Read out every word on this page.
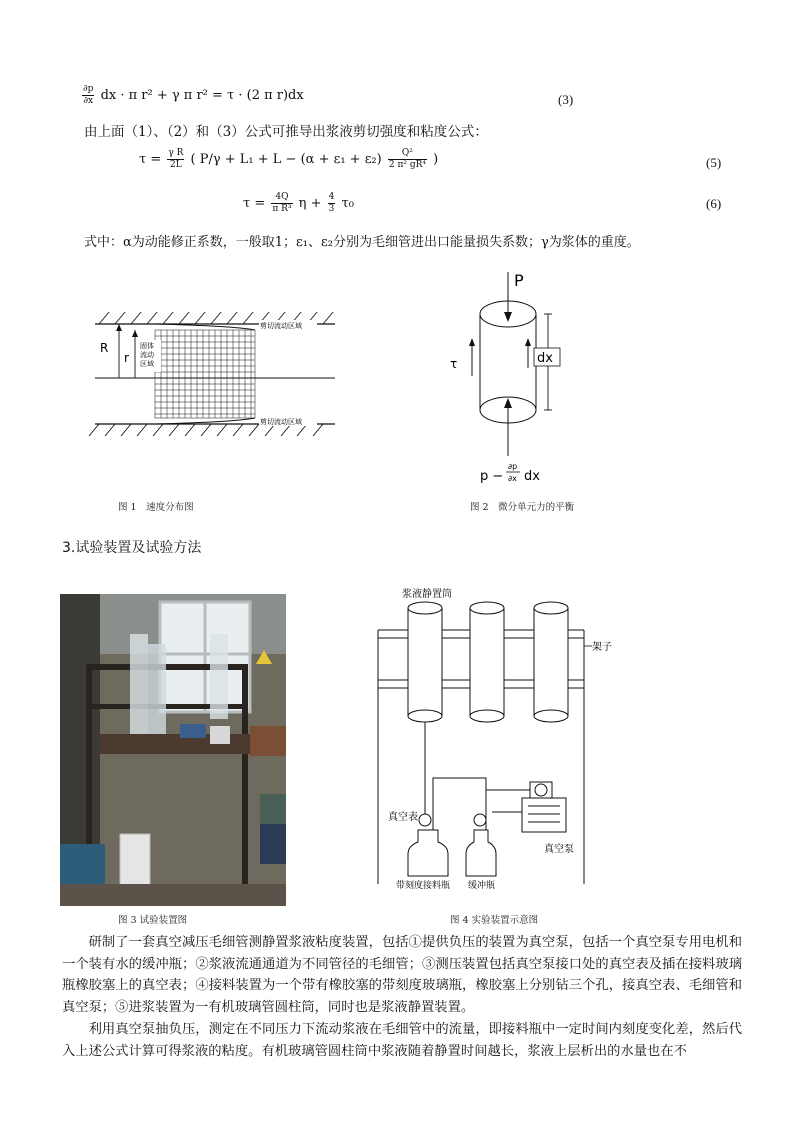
$\frac{\partial p}{\partial x}$ dx · π r² + γ π r² = τ · (2 π r)dx	(3)
由上面（1）、（2）和（3）公式可推导出浆液剪切强度和粘度公式：
$\tau = \frac{\text{γ R}}{2L}$ ( $P/\gamma + L_1 + L - (\alpha + \varepsilon_1 + \varepsilon_2) \frac{\text{Q²}}{\text{2 π² gR⁴}}$ )	(5)
$\tau = \frac{4Q}{\text{π R³}}$ $\eta + \frac{4}{3} \tau_0$	(6)
式中：α为动能修正系数，一般取1；ε₁、ε₂分别为毛细管进出口能量损失系数；γ为浆体的重度。
R
r
固体
流动
区域
剪切流动区域
剪切流动区域
图 1　速度分布图
P
τ	dx
p −
∂p
∂x dx
图 2　微分单元力的平衡
3.试验装置及试验方法
图 3 试验装置图
浆液静置筒
架子
真空表
带刻度接料瓶 缓冲瓶
真空泵
图 4 实验装置示意图
研制了一套真空减压毛细管测静置浆液粘度装置，包括①提供负压的装置为真空泵，包括一个真空泵专用电机和一个装有水的缓冲瓶；②浆液流通通道为不同管径的毛细管；③测压装置包括真空泵接口处的真空表及插在接料玻璃瓶橡胶塞上的真空表；④接料装置为一个带有橡胶塞的带刻度玻璃瓶，橡胶塞上分别钻三个孔，接真空表、毛细管和真空泵；⑤进浆装置为一有机玻璃管圆柱筒，同时也是浆液静置装置。
利用真空泵抽负压，测定在不同压力下流动浆液在毛细管中的流量，即接料瓶中一定时间内刻度变化差，然后代入上述公式计算可得浆液的粘度。有机玻璃管圆柱筒中浆液随着静置时间越长，浆液上层析出的水量也在不
